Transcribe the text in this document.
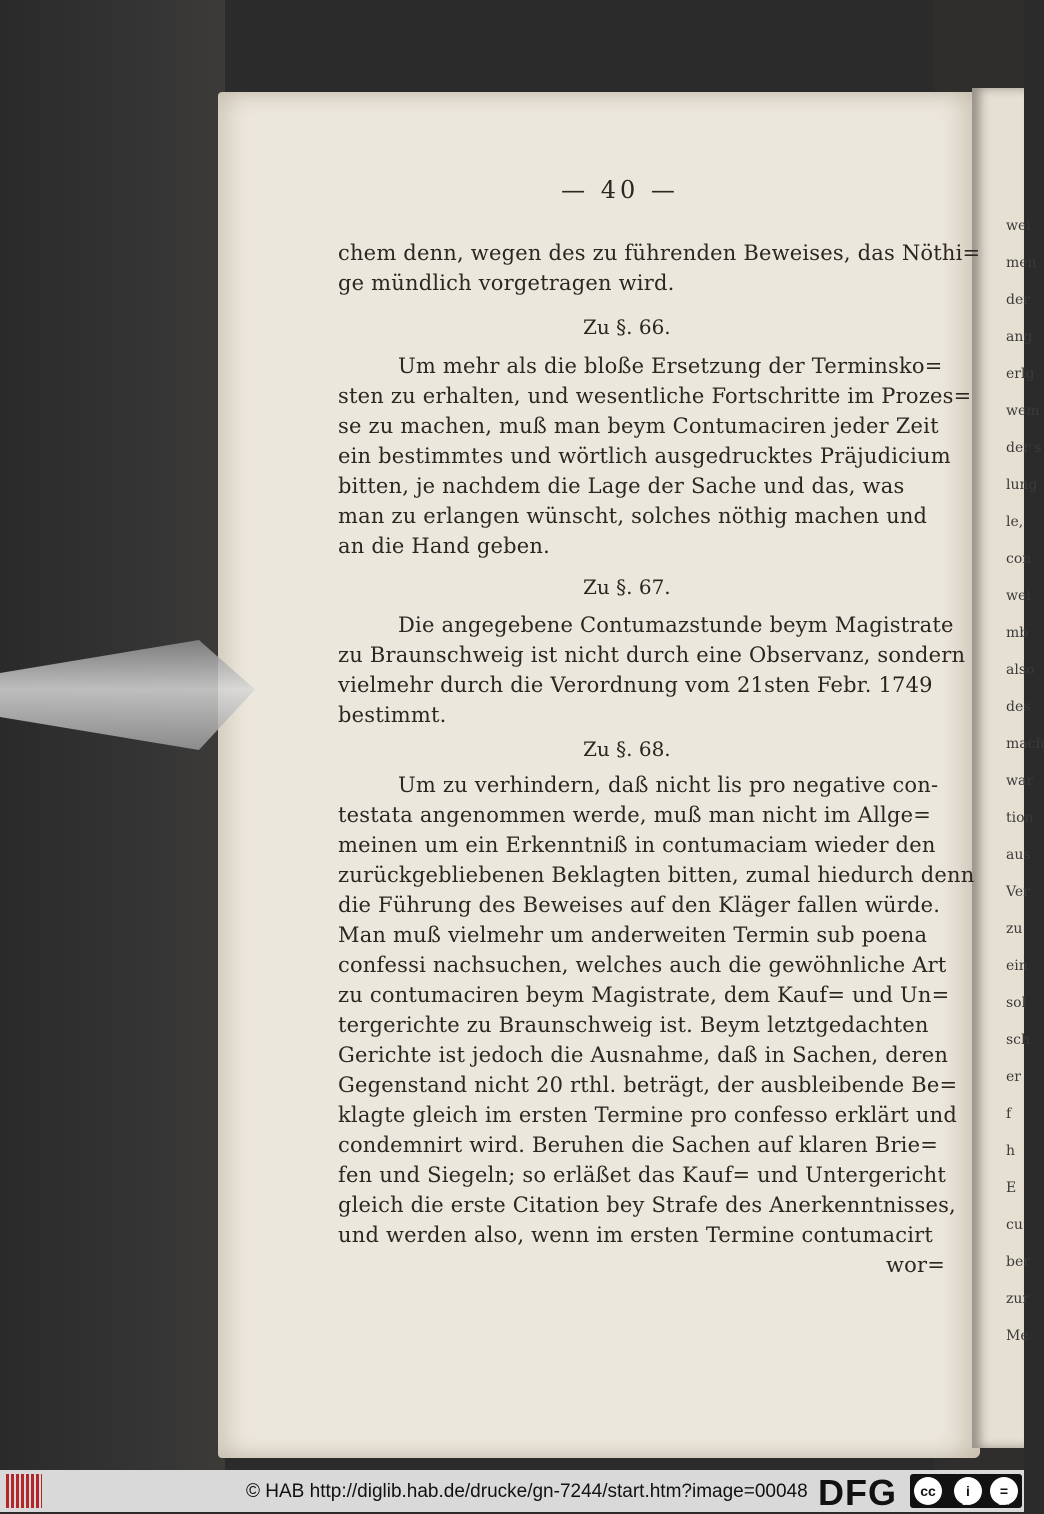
wei
men
der
ang
erlg
wem
der s
lung
le,
con
wei
mb
also
des
mach
war
tion
aus
Ver
zu
ein
sol
sch
er
f
h
E
cu
ber
zur
Me
— 40 —
chem denn, wegen des zu führenden Beweises, das Nöthi=
ge mündlich vorgetragen wird.
Zu §. 66.
Um mehr als die bloße Ersetzung der Terminsko=
sten zu erhalten, und wesentliche Fortschritte im Prozes=
se zu machen, muß man beym Contumaciren jeder Zeit
ein bestimmtes und wörtlich ausgedrucktes Präjudicium
bitten, je nachdem die Lage der Sache und das, was
man zu erlangen wünscht, solches nöthig machen und
an die Hand geben.
Zu §. 67.
Die angegebene Contumazstunde beym Magistrate
zu Braunschweig ist nicht durch eine Observanz, sondern
vielmehr durch die Verordnung vom 21sten Febr. 1749
bestimmt.
Zu §. 68.
Um zu verhindern, daß nicht lis pro negative con-
testata angenommen werde, muß man nicht im Allge=
meinen um ein Erkenntniß in contumaciam wieder den
zurückgebliebenen Beklagten bitten, zumal hiedurch denn
die Führung des Beweises auf den Kläger fallen würde.
Man muß vielmehr um anderweiten Termin sub poena
confessi nachsuchen, welches auch die gewöhnliche Art
zu contumaciren beym Magistrate, dem Kauf= und Un=
tergerichte zu Braunschweig ist. Beym letztgedachten
Gerichte ist jedoch die Ausnahme, daß in Sachen, deren
Gegenstand nicht 20 rthl. beträgt, der ausbleibende Be=
klagte gleich im ersten Termine pro confesso erklärt und
condemnirt wird. Beruhen die Sachen auf klaren Brie=
fen und Siegeln; so erläßet das Kauf= und Untergericht
gleich die erste Citation bey Strafe des Anerkenntnisses,
und werden also, wenn im ersten Termine contumacirt
wor=
© HAB http://diglib.hab.de/drucke/gn-7244/start.htm?image=00048 DFG	cc	i	=
BY	SA
